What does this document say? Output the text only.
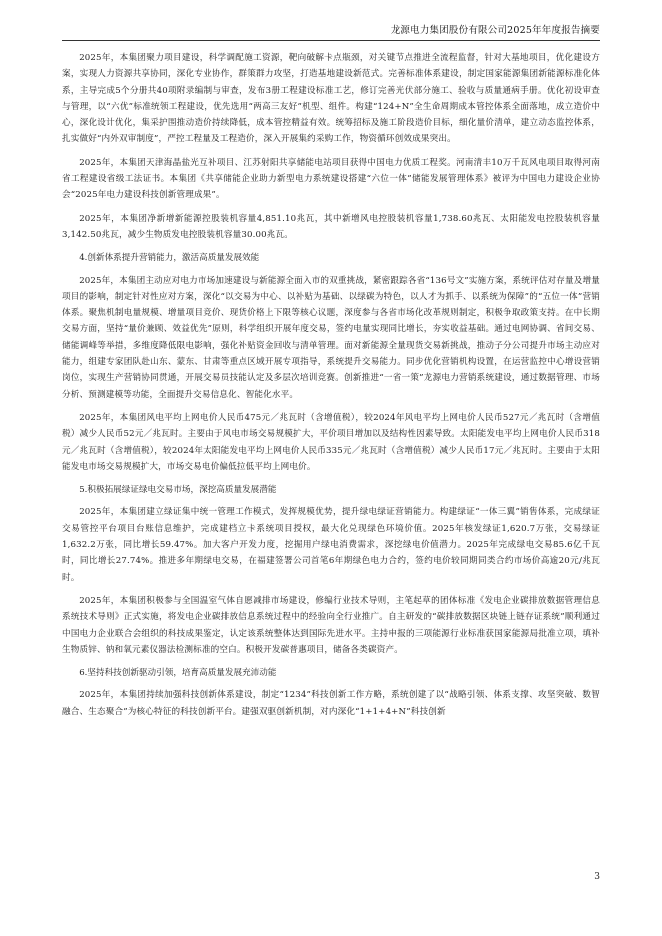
龙源电力集团股份有限公司2025年年度报告摘要

2025年，本集团聚力项目建设，科学调配施工资源，靶向破解卡点瓶颈，对关键节点推进全流程监督，针对大基地项目，优化建设方案，实现人力资源共享协同，深化专业协作，群策群力攻坚，打造基地建设新范式。完善标准体系建设，制定国家能源集团新能源标准化体系，主导完成5个分册共40项附录编制与审查，发布3册工程建设标准工艺，修订完善光伏部分施工、验收与质量通病手册。优化初设审查与管理，以“六优”标准统领工程建设，优先选用“两高三友好”机型、组件。构建“124+N”全生命周期成本管控体系全面落地，成立造价中心，深化设计优化，集采护围推动造价持续降低，成本管控精益有效。统筹招标及施工阶段造价目标，细化量价清单，建立动态监控体系，扎实做好“内外双审制度”，严控工程量及工程造价，深入开展集约采购工作，物资循环创效成果突出。

2025年，本集团天津海晶盐光互补项目、江苏射阳共享储能电站项目获得中国电力优质工程奖。河南清丰10万千瓦风电项目取得河南省工程建设省级工法证书。本集团《共享储能企业助力新型电力系统建设搭建“六位一体”储能发展管理体系》被评为中国电力建设企业协会“2025年电力建设科技创新管理成果”。

2025年，本集团净新增新能源控股装机容量4,851.10兆瓦，其中新增风电控股装机容量1,738.60兆瓦、太阳能发电控股装机容量3,142.50兆瓦，减少生物质发电控股装机容量30.00兆瓦。

4.创新体系提升营销能力，激活高质量发展效能

2025年，本集团主动应对电力市场加速建设与新能源全面入市的双重挑战，紧密跟踪各省“136号文”实施方案，系统评估对存量及增量项目的影响，制定针对性应对方案，深化“以交易为中心、以补贴为基础、以绿碳为特色，以人才为抓手、以系统为保障”的“五位一体”营销体系。聚焦机制电量规模、增量项目竞价、现货价格上下限等核心议题，深度参与各省市场化改革规则制定，积极争取政策支持。在中长期交易方面，坚持“量价兼顾、效益优先”原则，科学组织开展年度交易，签约电量实现同比增长，夯实收益基础。通过电网协调、省间交易、储能调峰等举措，多维度降低限电影响，强化补贴资金回收与清单管理。面对新能源全量现货交易新挑战，推动子分公司提升市场主动应对能力，组建专家团队赴山东、蒙东、甘肃等重点区域开展专项指导，系统提升交易能力。同步优化营销机构设置，在运营监控中心增设营销岗位，实现生产营销协同贯通，开展交易员技能认定及多层次培训竞赛。创新推进“一省一策”龙源电力营销系统建设，通过数据管理、市场分析、预测建模等功能，全面提升交易信息化、智能化水平。

2025年，本集团风电平均上网电价人民币475元／兆瓦时（含增值税），较2024年风电平均上网电价人民币527元／兆瓦时（含增值税）减少人民币52元／兆瓦时。主要由于风电市场交易规模扩大，平价项目增加以及结构性因素导致。太阳能发电平均上网电价人民币318元／兆瓦时（含增值税），较2024年太阳能发电平均上网电价人民币335元／兆瓦时（含增值税）减少人民币17元／兆瓦时。主要由于太阳能发电市场交易规模扩大，市场交易电价偏低拉低平均上网电价。

5.积极拓展绿证绿电交易市场，深挖高质量发展潜能

2025年，本集团建立绿证集中统一管理工作模式，发挥规模优势，提升绿电绿证营销能力。构建绿证“一体三翼”销售体系，完成绿证交易管控平台项目台账信息维护，完成建档立卡系统项目授权，最大化兑现绿色环境价值。2025年核发绿证1,620.7万张，交易绿证1,632.2万张，同比增长59.47%。加大客户开发力度，挖掘用户绿电消费需求，深挖绿电价值潜力。2025年完成绿电交易85.6亿千瓦时，同比增长27.74%。推进多年期绿电交易，在福建签署公司首笔6年期绿色电力合约，签约电价较同期同类合约市场价高逾20元/兆瓦时。

2025年，本集团积极参与全国温室气体自愿减排市场建设，修编行业技术导则，主笔起草的团体标准《发电企业碳排放数据管理信息系统技术导则》正式实施，将发电企业碳排放信息系统过程中的经验向全行业推广。自主研发的“碳排放数据区块链上链存证系统”顺利通过中国电力企业联合会组织的科技成果鉴定，认定该系统整体达到国际先进水平。主持申报的三项能源行业标准获国家能源局批准立项，填补生物质锌、钠和氧元素仪器法检测标准的空白。积极开发碳普惠项目，储备各类碳资产。

6.坚持科技创新驱动引领，培育高质量发展充沛动能

2025年，本集团持续加强科技创新体系建设，制定“1234”科技创新工作方略，系统创建了以“战略引领、体系支撑、攻坚突破、数智融合、生态聚合”为核心特征的科技创新平台。建强双驱创新机制，对内深化“1+1+4+N”科技创新

3
